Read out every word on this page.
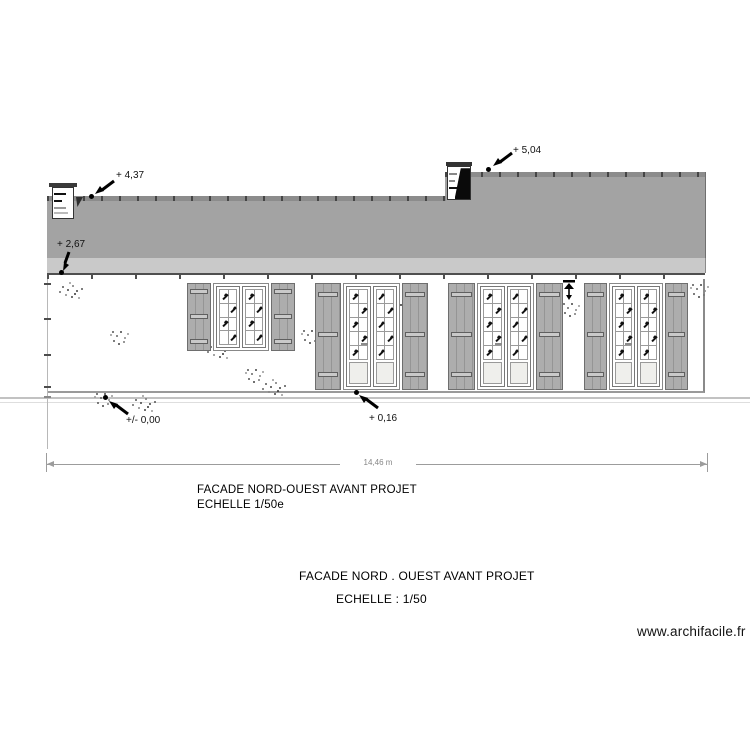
+ 4,37
+ 5,04
+ 2,67
+/- 0,00	+ 0,16
14,46 m
FACADE NORD-OUEST AVANT PROJET
ECHELLE 1/50e
FACADE NORD . OUEST AVANT PROJET
ECHELLE : 1/50
www.archifacile.fr
